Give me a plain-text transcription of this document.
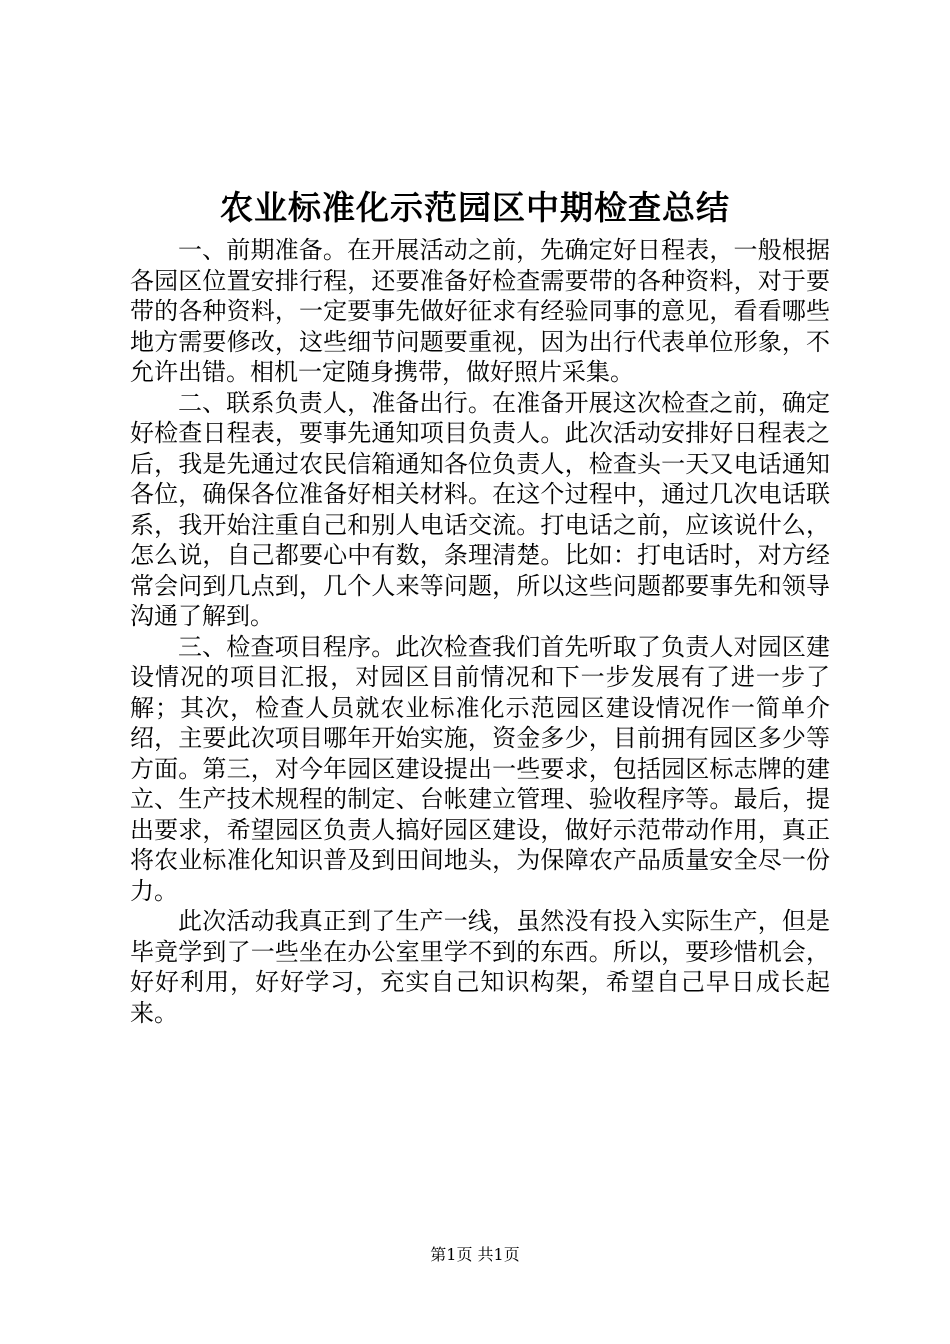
农业标准化示范园区中期检查总结

一、前期准备。在开展活动之前，先确定好日程表，一般根据各园区位置安排行程，还要准备好检查需要带的各种资料，对于要带的各种资料，一定要事先做好征求有经验同事的意见，看看哪些地方需要修改，这些细节问题要重视，因为出行代表单位形象，不允许出错。相机一定随身携带，做好照片采集。

二、联系负责人，准备出行。在准备开展这次检查之前，确定好检查日程表，要事先通知项目负责人。此次活动安排好日程表之后，我是先通过农民信箱通知各位负责人，检查头一天又电话通知各位，确保各位准备好相关材料。在这个过程中，通过几次电话联系，我开始注重自己和别人电话交流。打电话之前，应该说什么，怎么说，自己都要心中有数，条理清楚。比如：打电话时，对方经常会问到几点到，几个人来等问题，所以这些问题都要事先和领导沟通了解到。

三、检查项目程序。此次检查我们首先听取了负责人对园区建设情况的项目汇报，对园区目前情况和下一步发展有了进一步了解；其次，检查人员就农业标准化示范园区建设情况作一简单介绍，主要此次项目哪年开始实施，资金多少，目前拥有园区多少等方面。第三，对今年园区建设提出一些要求，包括园区标志牌的建立、生产技术规程的制定、台帐建立管理、验收程序等。最后，提出要求，希望园区负责人搞好园区建设，做好示范带动作用，真正将农业标准化知识普及到田间地头，为保障农产品质量安全尽一份力。

此次活动我真正到了生产一线，虽然没有投入实际生产，但是毕竟学到了一些坐在办公室里学不到的东西。所以，要珍惜机会，好好利用，好好学习，充实自己知识构架，希望自己早日成长起来。

第1页 共1页
